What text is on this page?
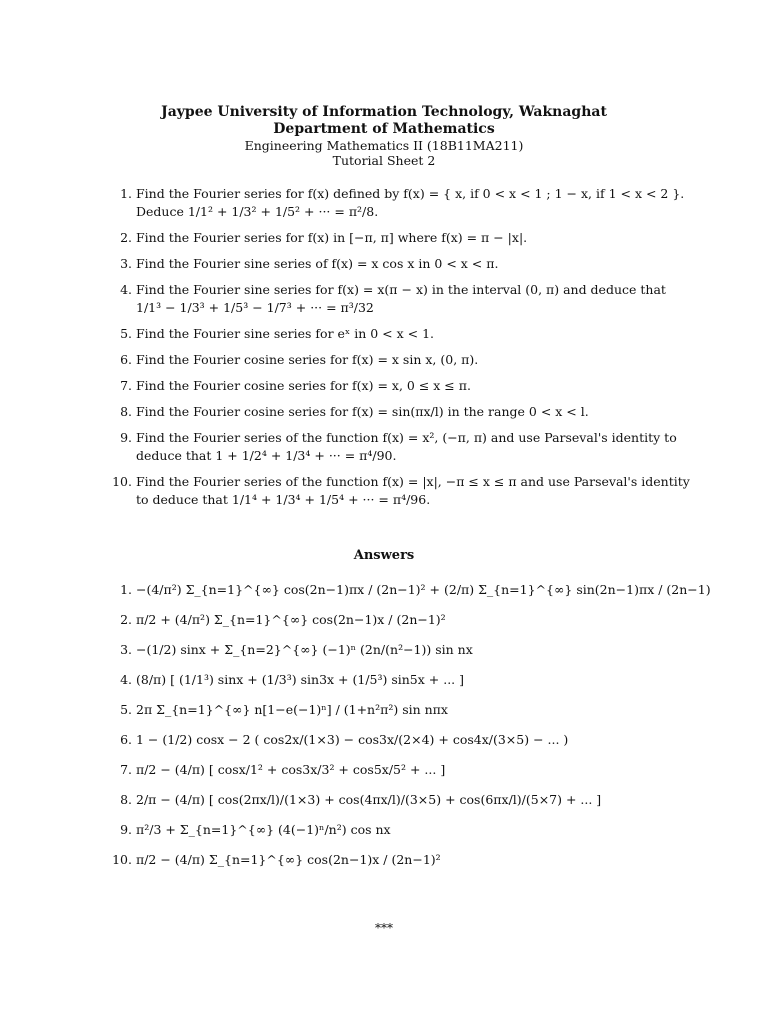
Jaypee University of Information Technology, Waknaghat
Department of Mathematics
Engineering Mathematics II (18B11MA211)
Tutorial Sheet 2
1. Find the Fourier series for f(x) defined by f(x) = { x, if 0 < x < 1 ; 1 − x, if 1 < x < 2 }.
Deduce 1/1² + 1/3² + 1/5² + ··· = π²/8.
2. Find the Fourier series for f(x) in [−π, π] where f(x) = π − |x|.
3. Find the Fourier sine series of f(x) = x cos x in 0 < x < π.
4. Find the Fourier sine series for f(x) = x(π − x) in the interval (0, π) and deduce that
1/1³ − 1/3³ + 1/5³ − 1/7³ + ··· = π³/32
5. Find the Fourier sine series for eˣ in 0 < x < 1.
6. Find the Fourier cosine series for f(x) = x sin x, (0, π).
7. Find the Fourier cosine series for f(x) = x, 0 ≤ x ≤ π.
8. Find the Fourier cosine series for f(x) = sin(πx/l) in the range 0 < x < l.
9. Find the Fourier series of the function f(x) = x², (−π, π) and use Parseval's identity to
deduce that 1 + 1/2⁴ + 1/3⁴ + ··· = π⁴/90.
10. Find the Fourier series of the function f(x) = |x|, −π ≤ x ≤ π and use Parseval's identity
to deduce that 1/1⁴ + 1/3⁴ + 1/5⁴ + ··· = π⁴/96.
Answers
1. −(4/π²) Σ_{n=1}^{∞} cos(2n−1)πx / (2n−1)² + (2/π) Σ_{n=1}^{∞} sin(2n−1)πx / (2n−1)
2. π/2 + (4/π²) Σ_{n=1}^{∞} cos(2n−1)x / (2n−1)²
3. −(1/2) sinx + Σ_{n=2}^{∞} (−1)ⁿ (2n/(n²−1)) sin nx
4. (8/π) [ (1/1³) sinx + (1/3³) sin3x + (1/5³) sin5x + ... ]
5. 2π Σ_{n=1}^{∞} n[1−e(−1)ⁿ] / (1+n²π²) sin nπx
6. 1 − (1/2) cosx − 2 ( cos2x/(1×3) − cos3x/(2×4) + cos4x/(3×5) − ... )
7. π/2 − (4/π) [ cosx/1² + cos3x/3² + cos5x/5² + ... ]
8. 2/π − (4/π) [ cos(2πx/l)/(1×3) + cos(4πx/l)/(3×5) + cos(6πx/l)/(5×7) + ... ]
9. π²/3 + Σ_{n=1}^{∞} (4(−1)ⁿ/n²) cos nx
10. π/2 − (4/π) Σ_{n=1}^{∞} cos(2n−1)x / (2n−1)²
***
